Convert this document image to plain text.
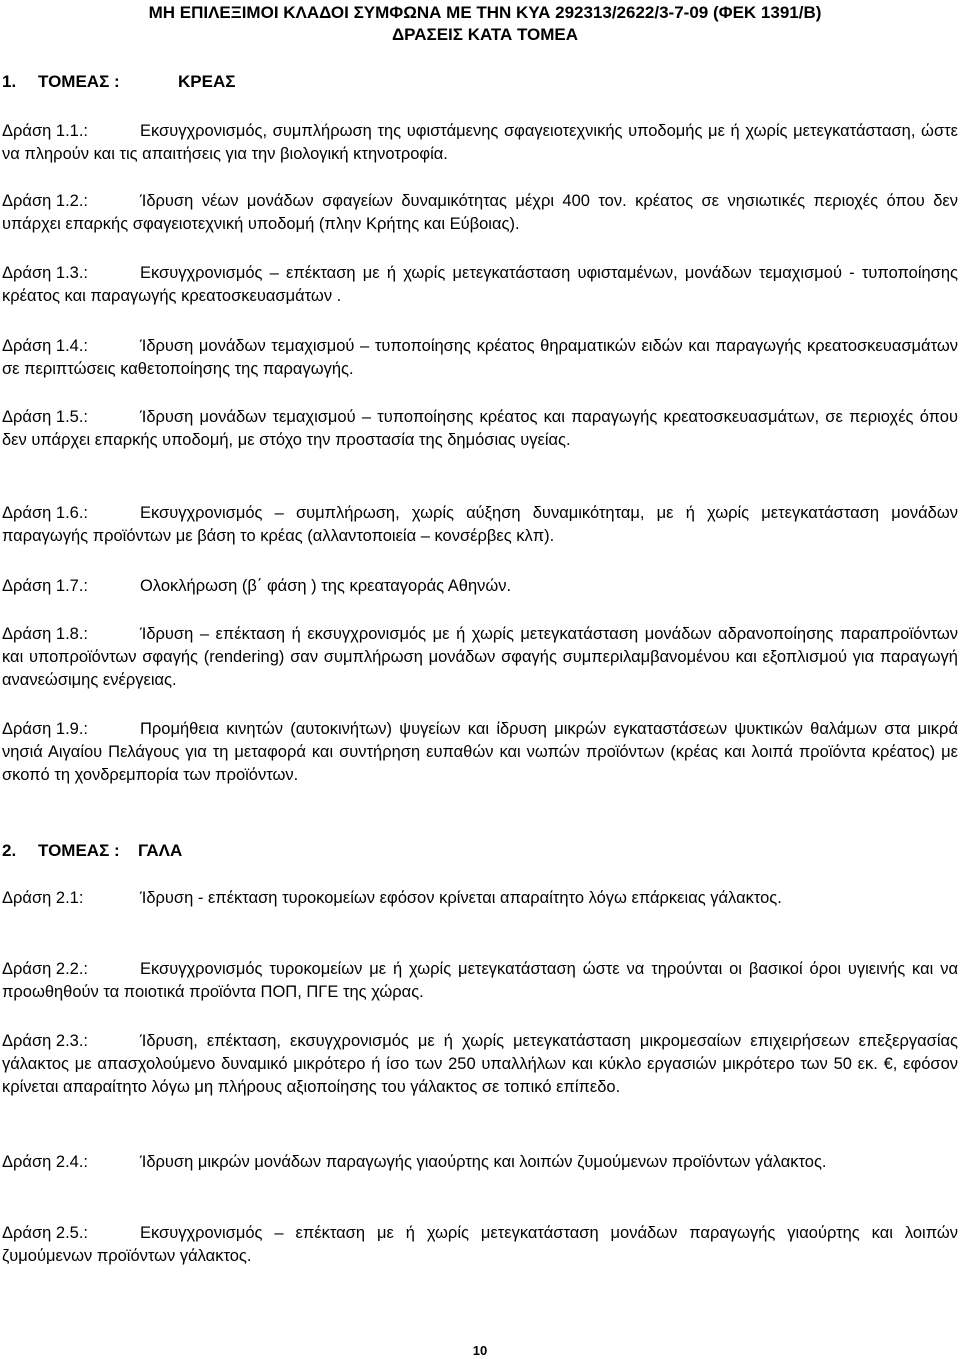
ΜΗ ΕΠΙΛΕΞΙΜΟΙ ΚΛΑΔΟΙ ΣΥΜΦΩΝΑ ΜΕ ΤΗΝ ΚΥΑ 292313/2622/3-7-09 (ΦΕΚ 1391/Β)
ΔΡΑΣΕΙΣ ΚΑΤΑ ΤΟΜΕΑ
1. ΤΟΜΕΑΣ :	ΚΡΕΑΣ
Δράση 1.1.:	Εκσυγχρονισμός, συμπλήρωση της υφιστάμενης σφαγειοτεχνικής υποδομής με ή χωρίς μετεγκατάσταση, ώστε να πληρούν και τις απαιτήσεις για την βιολογική κτηνοτροφία.
Δράση 1.2.:	Ίδρυση νέων μονάδων σφαγείων δυναμικότητας μέχρι 400 τον. κρέατος σε νησιωτικές περιοχές όπου δεν υπάρχει επαρκής σφαγειοτεχνική υποδομή (πλην Κρήτης και Εύβοιας).
Δράση 1.3.:	Εκσυγχρονισμός – επέκταση με ή χωρίς μετεγκατάσταση υφισταμένων, μονάδων τεμαχισμού - τυποποίησης κρέατος και παραγωγής κρεατοσκευασμάτων .
Δράση 1.4.:	Ίδρυση μονάδων τεμαχισμού – τυποποίησης κρέατος θηραματικών ειδών και παραγωγής κρεατοσκευασμάτων σε περιπτώσεις καθετοποίησης της παραγωγής.
Δράση 1.5.:	Ίδρυση μονάδων τεμαχισμού – τυποποίησης κρέατος και παραγωγής κρεατοσκευασμάτων, σε περιοχές όπου δεν υπάρχει επαρκής υποδομή, με στόχο την προστασία της δημόσιας υγείας.
Δράση 1.6.:	Εκσυγχρονισμός – συμπλήρωση, χωρίς αύξηση δυναμικότηταμ, με ή χωρίς μετεγκατάσταση μονάδων παραγωγής προϊόντων με βάση το κρέας (αλλαντοποιεία – κονσέρβες κλπ).
Δράση 1.7.:	Ολοκλήρωση (β΄ φάση ) της κρεαταγοράς Αθηνών.
Δράση 1.8.:	Ίδρυση – επέκταση ή εκσυγχρονισμός με ή χωρίς μετεγκατάσταση μονάδων αδρανοποίησης παραπροϊόντων και υποπροϊόντων σφαγής (rendering) σαν συμπλήρωση μονάδων σφαγής συμπεριλαμβανομένου και εξοπλισμού για παραγωγή ανανεώσιμης ενέργειας.
Δράση 1.9.:	Προμήθεια κινητών (αυτοκινήτων) ψυγείων και ίδρυση μικρών εγκαταστάσεων ψυκτικών θαλάμων στα μικρά νησιά Αιγαίου Πελάγους για τη μεταφορά και συντήρηση ευπαθών και νωπών προϊόντων (κρέας και λοιπά προϊόντα κρέατος) με σκοπό τη χονδρεμπορία των προϊόντων.
2. ΤΟΜΕΑΣ : ΓΑΛΑ
Δράση 2.1:	Ίδρυση - επέκταση τυροκομείων εφόσον κρίνεται απαραίτητο λόγω επάρκειας γάλακτος.
Δράση 2.2.:	Εκσυγχρονισμός τυροκομείων με ή χωρίς μετεγκατάσταση ώστε να τηρούνται οι βασικοί όροι υγιεινής και να προωθηθούν τα ποιοτικά προϊόντα ΠΟΠ, ΠΓΕ της χώρας.
Δράση 2.3.:	Ίδρυση, επέκταση, εκσυγχρονισμός με ή χωρίς μετεγκατάσταση μικρομεσαίων επιχειρήσεων επεξεργασίας γάλακτος με απασχολούμενο δυναμικό μικρότερο ή ίσο των 250 υπαλλήλων και κύκλο εργασιών μικρότερο των 50 εκ. €, εφόσον κρίνεται απαραίτητο λόγω μη πλήρους αξιοποίησης του γάλακτος σε τοπικό επίπεδο.
Δράση 2.4.:	Ίδρυση μικρών μονάδων παραγωγής γιαούρτης και λοιπών ζυμούμενων προϊόντων γάλακτος.
Δράση 2.5.:	Εκσυγχρονισμός – επέκταση με ή χωρίς μετεγκατάσταση μονάδων παραγωγής γιαούρτης και λοιπών ζυμούμενων προϊόντων γάλακτος.
10
